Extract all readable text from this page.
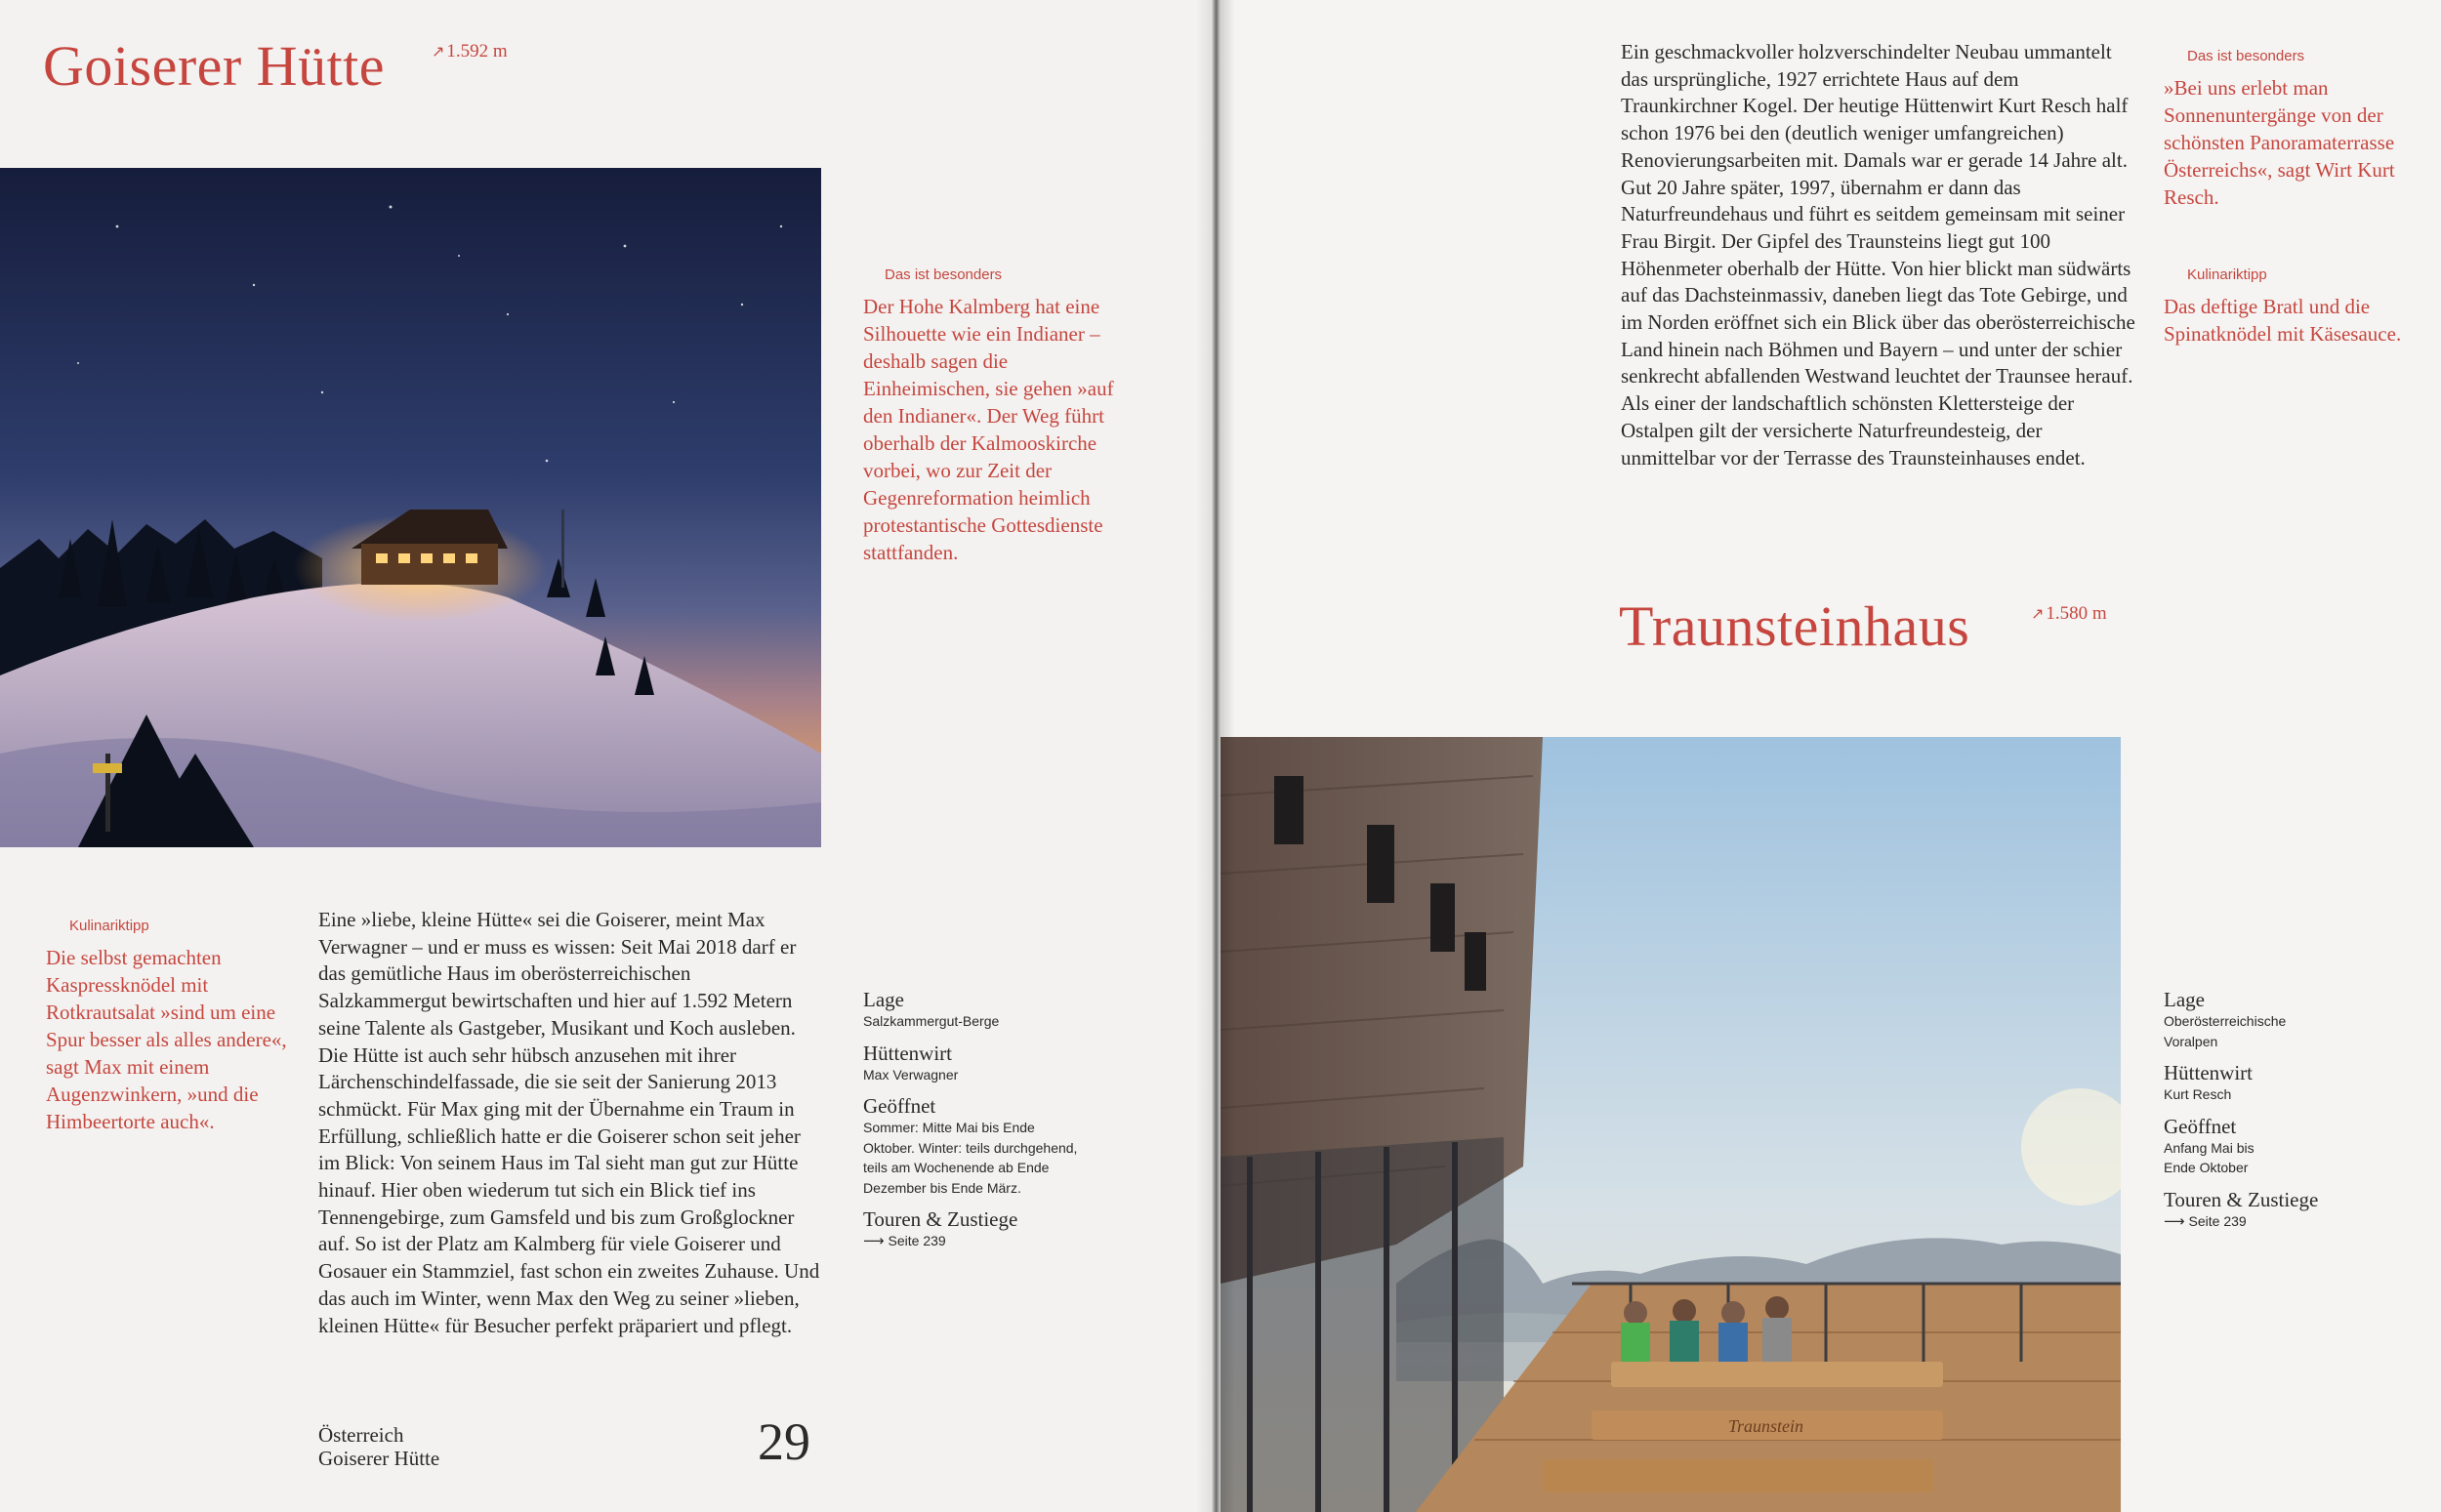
Goiserer Hütte	↗ 1.592 m
Das ist besonders
Der Hohe Kalmberg hat eine Silhouette wie ein Indianer – deshalb sagen die Einheimischen, sie gehen »auf den Indianer«. Der Weg führt oberhalb der Kalmooskirche vorbei, wo zur Zeit der Gegenreformation heimlich protestantische Gottesdienste stattfanden.
Kulinariktipp
Die selbst gemachten Kaspressknödel mit Rotkrautsalat »sind um eine Spur besser als alles andere«, sagt Max mit einem Augenzwinkern, »und die Himbeertorte auch«.

Eine »liebe, kleine Hütte« sei die Goiserer, meint Max Verwagner – und er muss es wissen: Seit Mai 2018 darf er das gemütliche Haus im oberösterreichischen Salzkammergut bewirtschaften und hier auf 1.592 Metern seine Talente als Gastgeber, Musikant und Koch ausleben. Die Hütte ist auch sehr hübsch anzusehen mit ihrer Lärchenschindelfassade, die sie seit der Sanierung 2013 schmückt. Für Max ging mit der Übernahme ein Traum in Erfüllung, schließlich hatte er die Goiserer schon seit jeher im Blick: Von seinem Haus im Tal sieht man gut zur Hütte hinauf. Hier oben wiederum tut sich ein Blick tief ins Tennengebirge, zum Gamsfeld und bis zum Großglockner auf. So ist der Platz am Kalmberg für viele Goiserer und Gosauer ein Stammziel, fast schon ein zweites Zuhause. Und das auch im Winter, wenn Max den Weg zu seiner »lieben, kleinen Hütte« für Besucher perfekt präpariert und pflegt.

Lage
Salzkammergut-Berge
Hüttenwirt
Max Verwagner
Geöffnet
Sommer: Mitte Mai bis Ende Oktober. Winter: teils durchgehend, teils am Wochenende ab Ende Dezember bis Ende März.
Touren & Zustiege
⟶ Seite 239
Österreich
Goiserer Hütte	29

Ein geschmackvoller holzverschindelter Neubau ummantelt das ursprüngliche, 1927 errichtete Haus auf dem Traunkirchner Kogel. Der heutige Hüttenwirt Kurt Resch half schon 1976 bei den (deutlich weniger umfangreichen) Renovierungsarbeiten mit. Damals war er gerade 14 Jahre alt. Gut 20 Jahre später, 1997, übernahm er dann das Naturfreundehaus und führt es seitdem gemeinsam mit seiner Frau Birgit. Der Gipfel des Traunsteins liegt gut 100 Höhenmeter oberhalb der Hütte. Von hier blickt man südwärts auf das Dachsteinmassiv, daneben liegt das Tote Gebirge, und im Norden eröffnet sich ein Blick über das oberösterreichische Land hinein nach Böhmen und Bayern – und unter der schier senkrecht abfallenden Westwand leuchtet der Traunsee herauf. Als einer der landschaftlich schönsten Klettersteige der Ostalpen gilt der versicherte Naturfreundesteig, der unmittelbar vor der Terrasse des Traunsteinhauses endet.

Das ist besonders
»Bei uns erlebt man Sonnenuntergänge von der schönsten Panoramaterrasse Österreichs«, sagt Wirt Kurt Resch.
Kulinariktipp
Das deftige Bratl und die Spinatknödel mit Käsesauce.
Traunsteinhaus	↗ 1.580 m
Traunstein
Lage
Oberösterreichische Voralpen
Hüttenwirt
Kurt Resch
Geöffnet
Anfang Mai bis Ende Oktober
Touren & Zustiege
⟶ Seite 239
